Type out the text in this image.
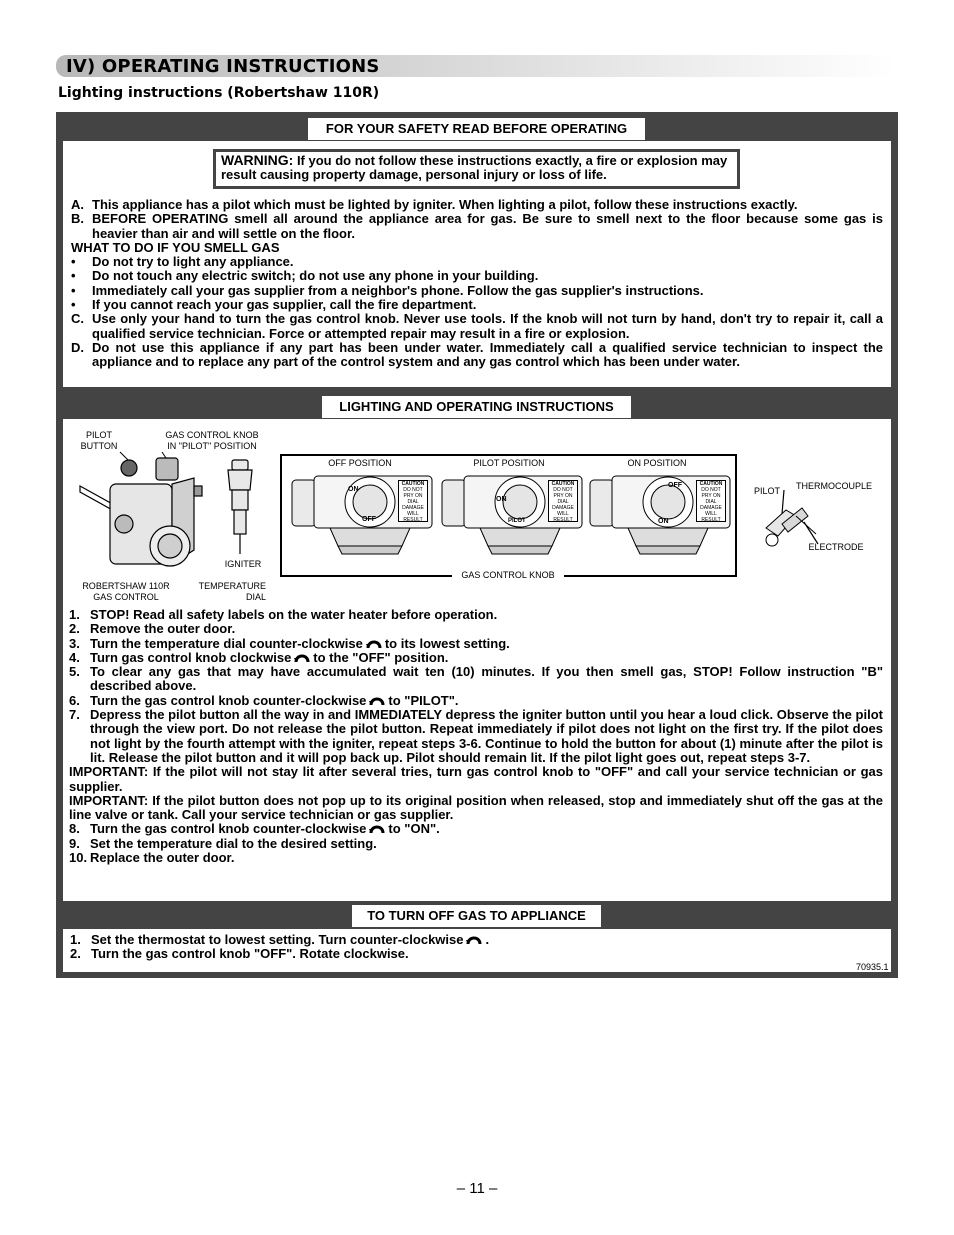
IV) OPERATING INSTRUCTIONS
Lighting instructions (Robertshaw 110R)
FOR YOUR SAFETY READ BEFORE OPERATING
WARNING: If you do not follow these instructions exactly, a fire or explosion may result causing property damage, personal injury or loss of life.
A. This appliance has a pilot which must be lighted by igniter. When lighting a pilot, follow these instructions exactly.
B. BEFORE OPERATING smell all around the appliance area for gas. Be sure to smell next to the floor because some gas is heavier than air and will settle on the floor.
WHAT TO DO IF YOU SMELL GAS
•	Do not try to light any appliance.
•	Do not touch any electric switch; do not use any phone in your building.
•	Immediately call your gas supplier from a neighbor's phone. Follow the gas supplier's instructions.
•	If you cannot reach your gas supplier, call the fire department.
C. Use only your hand to turn the gas control knob. Never use tools. If the knob will not turn by hand, don't try to repair it, call a qualified service technician. Force or attempted repair may result in a fire or explosion.
D. Do not use this appliance if any part has been under water. Immediately call a qualified service technician to inspect the appliance and to replace any part of the control system and any gas control which has been under water.
LIGHTING AND OPERATING INSTRUCTIONS
PILOT
BUTTON
GAS CONTROL KNOB
IN "PILOT" POSITION
ROBERTSHAW 110R
GAS CONTROL
TEMPERATURE
DIAL
IGNITER
OFF POSITION	PILOT POSITION	ON POSITION
GAS CONTROL KNOB
CAUTION
DO NOT PRY ON DIAL DAMAGE WILL RESULT
ON
OFF
CAUTION
DO NOT PRY ON DIAL DAMAGE WILL RESULT
ON
PILOT
CAUTION
DO NOT PRY ON DIAL DAMAGE WILL RESULT
OFF
ON
PILOT	THERMOCOUPLE
ELECTRODE
1. STOP! Read all safety labels on the water heater before operation.
2. Remove the outer door.
3. Turn the temperature dial counter-clockwise to its lowest setting.
4. Turn gas control knob clockwise to the "OFF" position.
5. To clear any gas that may have accumulated wait ten (10) minutes. If you then smell gas, STOP! Follow instruction "B" described above.
6. Turn the gas control knob counter-clockwise to "PILOT".
7. Depress the pilot button all the way in and IMMEDIATELY depress the igniter button until you hear a loud click. Observe the pilot through the view port. Do not release the pilot button. Repeat immediately if pilot does not light on the first try. If the pilot does not light by the fourth attempt with the igniter, repeat steps 3-6. Continue to hold the button for about (1) minute after the pilot is lit. Release the pilot button and it will pop back up. Pilot should remain lit. If the pilot light goes out, repeat steps 3-7.
IMPORTANT: If the pilot will not stay lit after several tries, turn gas control knob to "OFF" and call your service technician or gas supplier.
IMPORTANT: If the pilot button does not pop up to its original position when released, stop and immediately shut off the gas at the line valve or tank. Call your service technician or gas supplier.
8. Turn the gas control knob counter-clockwise to "ON".
9. Set the temperature dial to the desired setting.
10. Replace the outer door.
TO TURN OFF GAS TO APPLIANCE
1. Set the thermostat to lowest setting. Turn counter-clockwise .
2. Turn the gas control knob "OFF". Rotate clockwise.
70935.1
– 11 –
